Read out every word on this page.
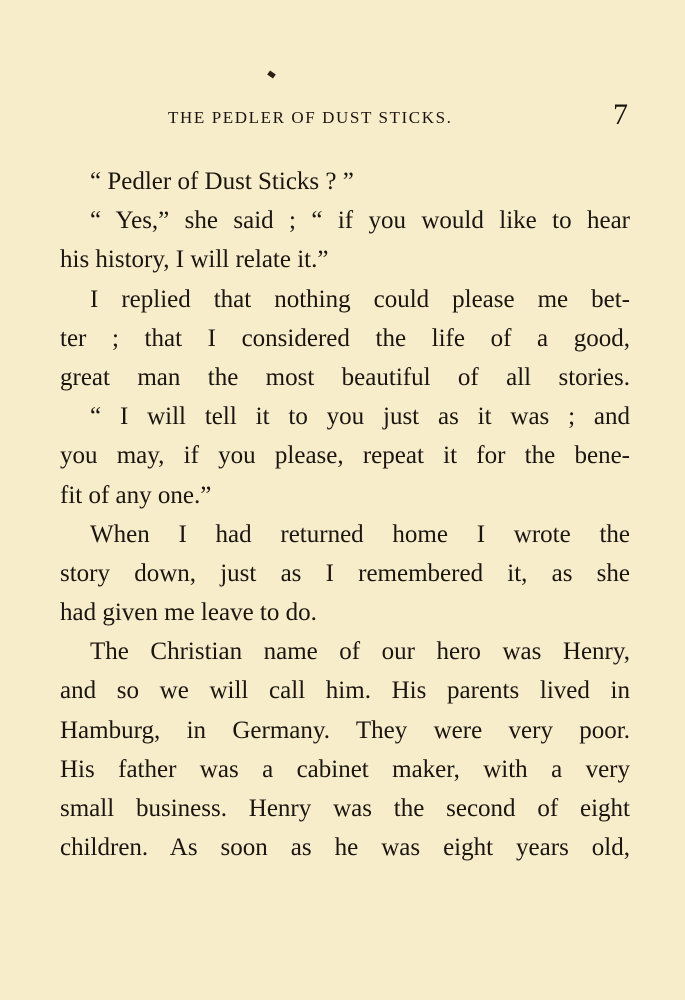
THE PEDLER OF DUST STICKS.	7
“ Pedler of Dust Sticks ? ”
“ Yes,” she said ; “ if you would like to hear
his history, I will relate it.”
I replied that nothing could please me bet-
ter ; that I considered the life of a good,
great man the most beautiful of all stories.
“ I will tell it to you just as it was ; and
you may, if you please, repeat it for the bene-
fit of any one.”
When I had returned home I wrote the
story down, just as I remembered it, as she
had given me leave to do.
The Christian name of our hero was Henry,
and so we will call him. His parents lived in
Hamburg, in Germany. They were very poor.
His father was a cabinet maker, with a very
small business. Henry was the second of eight
children. As soon as he was eight years old,
